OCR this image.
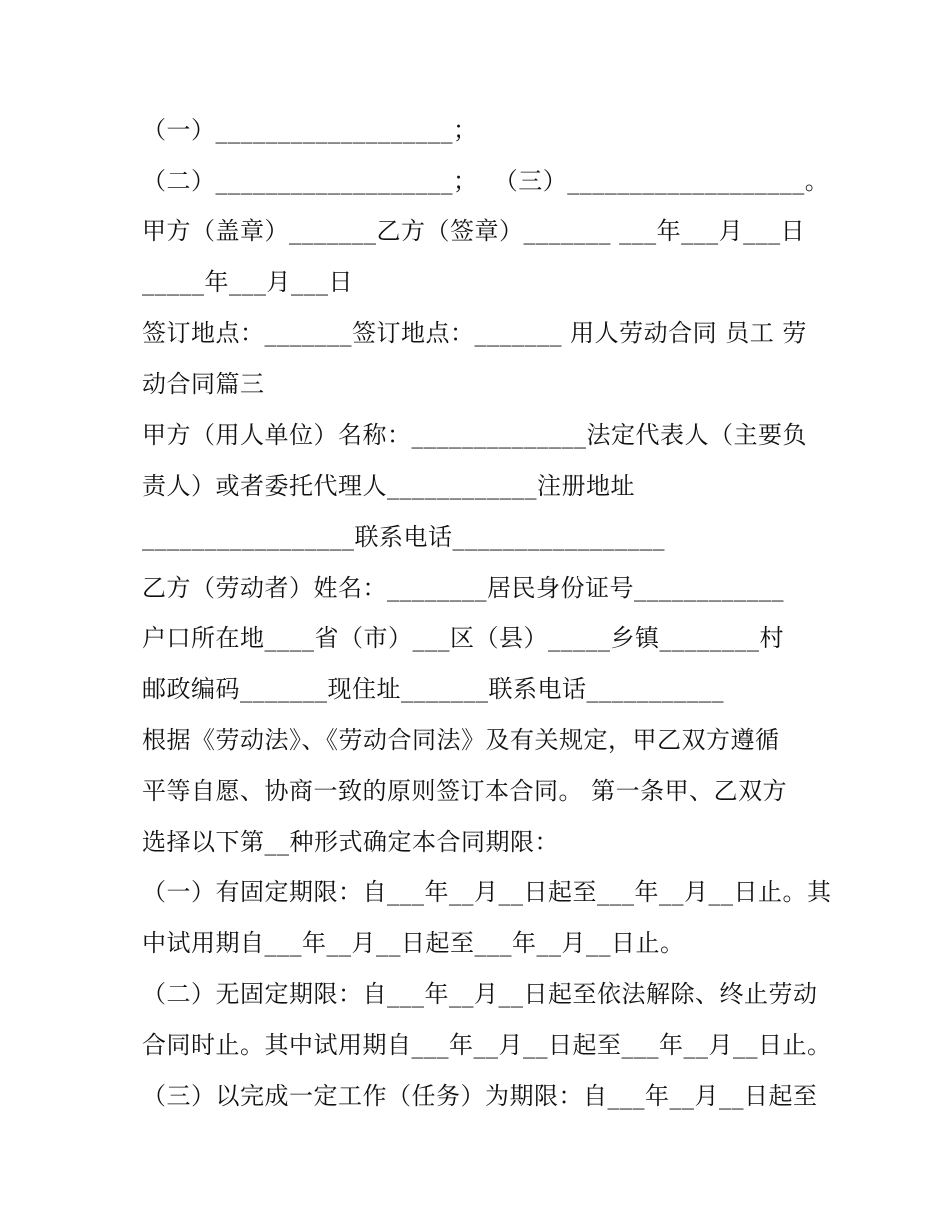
（一）___________________；
（二）___________________；  （三）___________________。
甲方（盖章）_______乙方（签章）_______ ___年___月___日
_____年___月___日
签订地点：_______签订地点：_______ 用人劳动合同 员工 劳
动合同篇三
甲方（用人单位）名称：______________法定代表人（主要负
责人）或者委托代理人____________注册地址
_________________联系电话_________________
乙方（劳动者）姓名：________居民身份证号____________
户口所在地____省（市）___区（县）_____乡镇________村
邮政编码_______现住址_______联系电话___________
根据《劳动法》、《劳动合同法》及有关规定，甲乙双方遵循
平等自愿、协商一致的原则签订本合同。 第一条甲、乙双方
选择以下第__种形式确定本合同期限：
（一）有固定期限：自___年__月__日起至___年__月__日止。其
中试用期自___年__月__日起至___年__月__日止。
（二）无固定期限：自___年__月__日起至依法解除、终止劳动
合同时止。其中试用期自___年__月__日起至___年__月__日止。
（三）以完成一定工作（任务）为期限：自___年__月__日起至
